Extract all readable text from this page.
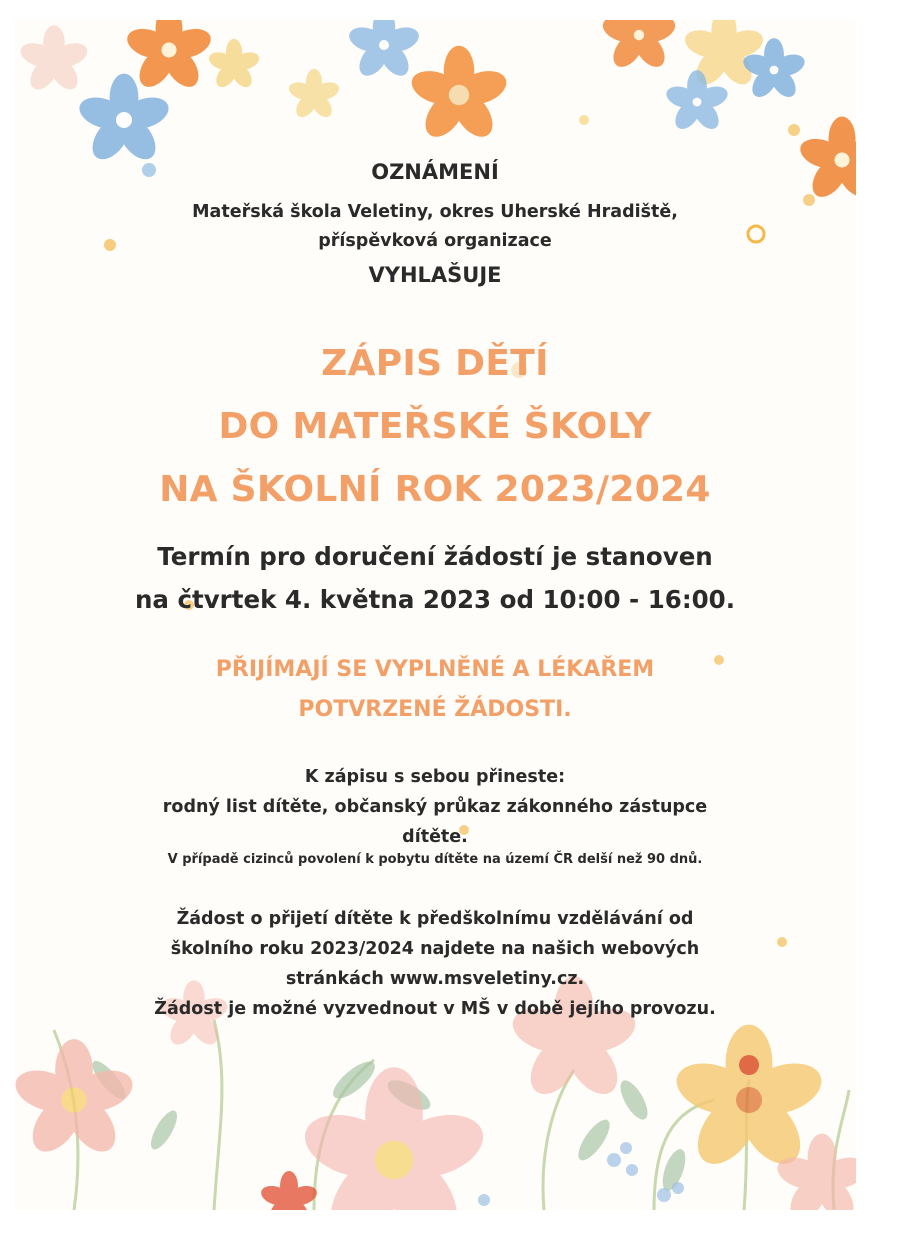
OZNÁMENÍ
Mateřská škola Veletiny, okres Uherské Hradiště,
příspěvková organizace
VYHLAŠUJE
ZÁPIS DĚTÍ
DO MATEŘSKÉ ŠKOLY
NA ŠKOLNÍ ROK 2023/2024
Termín pro doručení žádostí je stanoven
na čtvrtek 4. května 2023 od 10:00 - 16:00.
PŘIJÍMAJÍ SE VYPLNĚNÉ A LÉKAŘEM
POTVRZENÉ ŽÁDOSTI.
K zápisu s sebou přineste:
rodný list dítěte, občanský průkaz zákonného zástupce
dítěte.
V případě cizinců povolení k pobytu dítěte na území ČR delší než 90 dnů.
Žádost o přijetí dítěte k předškolnímu vzdělávání od
školního roku 2023/2024 najdete na našich webových
stránkách www.msveletiny.cz.
Žádost je možné vyzvednout v MŠ v době jejího provozu.
